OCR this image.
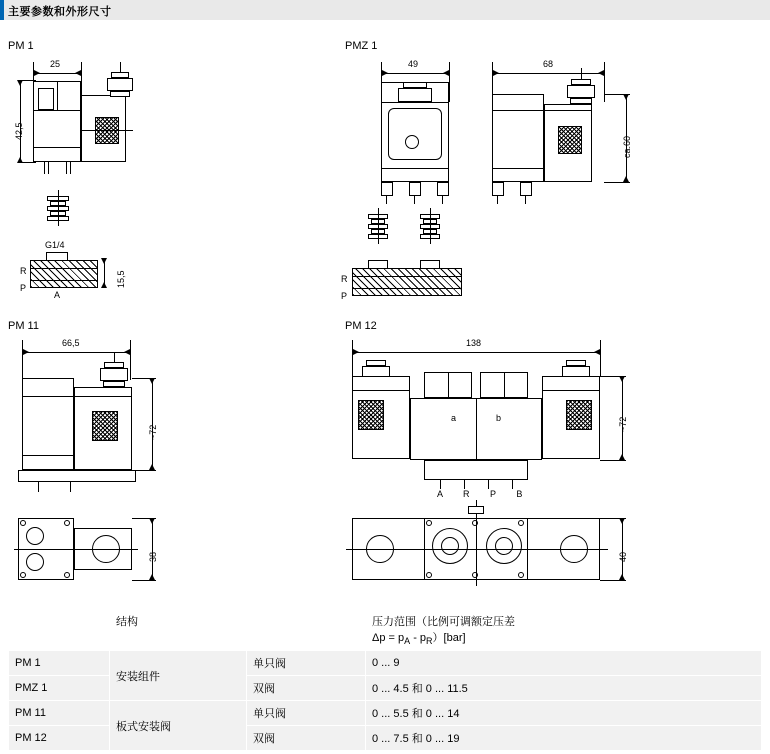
主要参数和外形尺寸
PM 1	PMZ 1
PM 11	PM 12
25
42,5
G1/4
R
P
A
15,5
49	68
ca.60
R
P
66,5
~72
38
138
a	b
A R P B
~72
40
	结构		压力范围（比例可调额定压差
$\Delta p = p_A - p_R)[bar]$

PM 1	安装组件	单只阀	0 ... 9
PMZ 1		双阀	0 ... 4.5 和 0 ... 11.5
PM 11	板式安装阀	单只阀	0 ... 5.5 和 0 ... 14
PM 12		双阀	0 ... 7.5 和 0 ... 19
